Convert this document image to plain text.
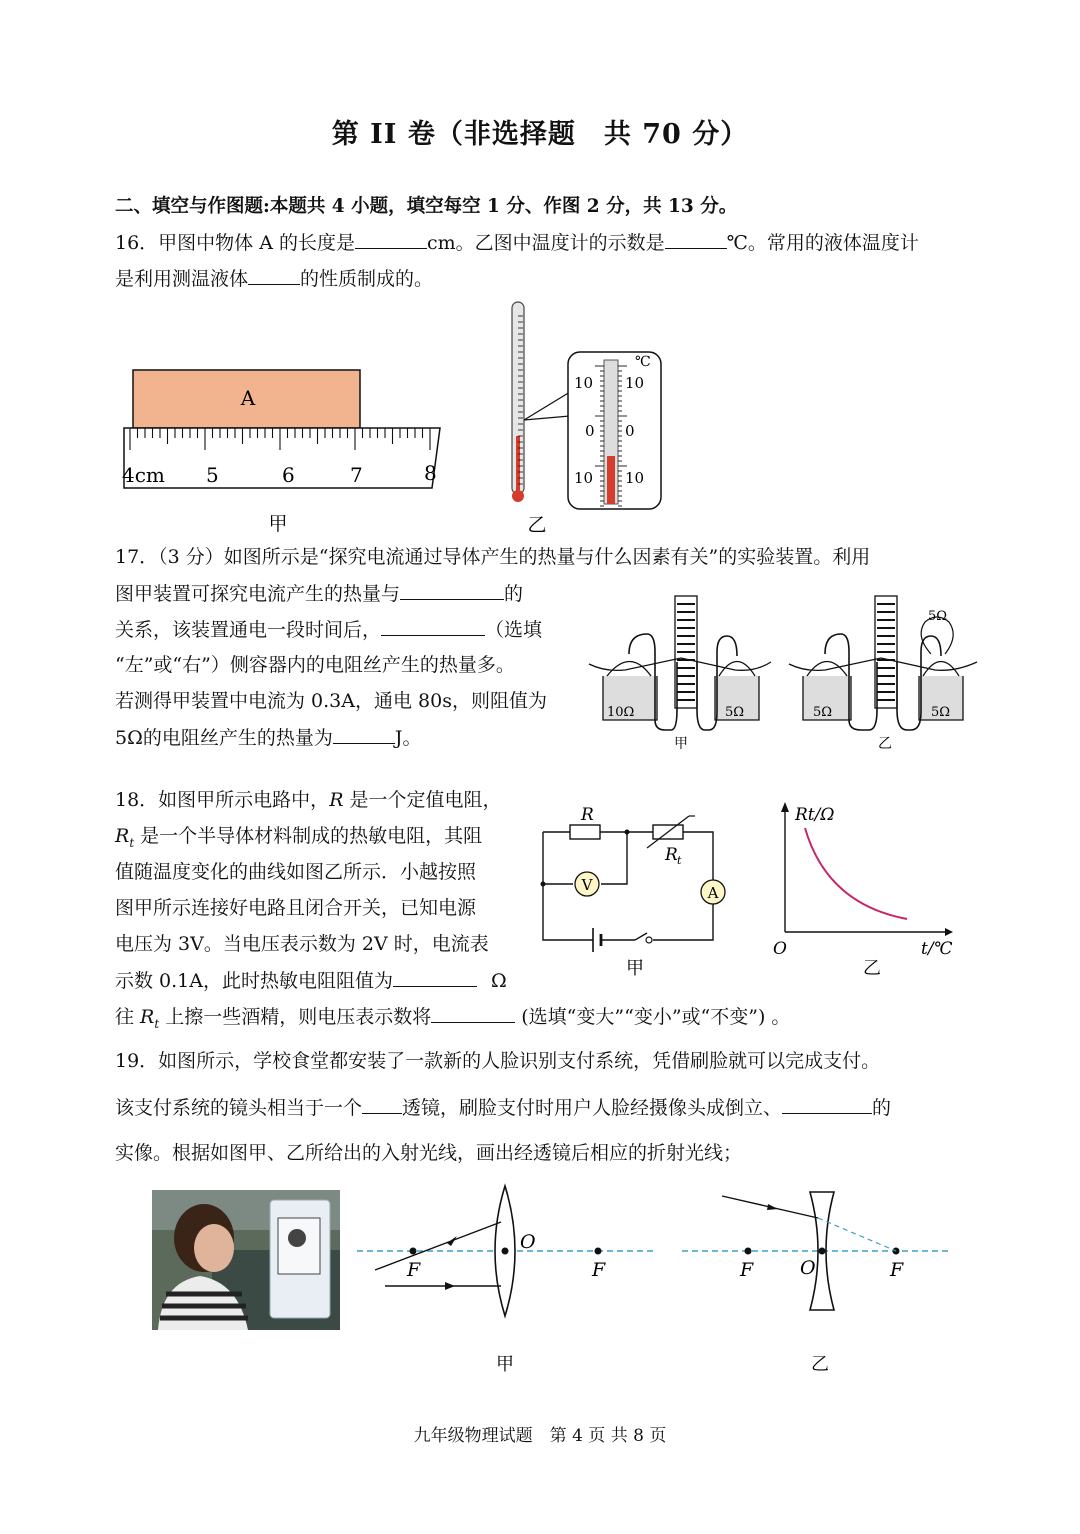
第 II 卷（非选择题　共 70 分）
二、填空与作图题:本题共 4 小题，填空每空 1 分、作图 2 分，共 13 分。
16．甲图中物体 A 的长度是	cm。乙图中温度计的示数是	℃。常用的液体温度计
是利用测温液体	的性质制成的。
A
4cm 5	6	7	8
甲
℃
10
0
10
10
0
10
乙
17．（3 分）如图所示是“探究电流通过导体产生的热量与什么因素有关”的实验装置。利用
图甲装置可探究电流产生的热量与	的
关系，该装置通电一段时间后，	（选填
“左”或“右”）侧容器内的电阻丝产生的热量多。
若测得甲装置中电流为 0.3A，通电 80s，则阻值为
5Ω的电阻丝产生的热量为	J。
10Ω	5Ω
甲
5Ω
5Ω	5Ω
乙
18．如图甲所示电路中，R 是一个定值电阻，
$R_t$ 是一个半导体材料制成的热敏电阻，其阻
值随温度变化的曲线如图乙所示．小越按照
图甲所示连接好电路且闭合开关，已知电源
电压为 3V。当电压表示数为 2V 时，电流表
示数 0.1A，此时热敏电阻阻值为	Ω
往 $R_t$ 上擦一些酒精，则电压表示数将	(选填“变大”“变小”或“不变”) 。
V	A
R
R t
甲
Rt/Ω
t/℃
O
乙
19．如图所示，学校食堂都安装了一款新的人脸识别支付系统，凭借刷脸就可以完成支付。
该支付系统的镜头相当于一个 透镜，刷脸支付时用户人脸经摄像头成倒立、	的
实像。根据如图甲、乙所给出的入射光线，画出经透镜后相应的折射光线；
F
O
F
甲
F O	F
乙
九年级物理试题　第 4 页 共 8 页
